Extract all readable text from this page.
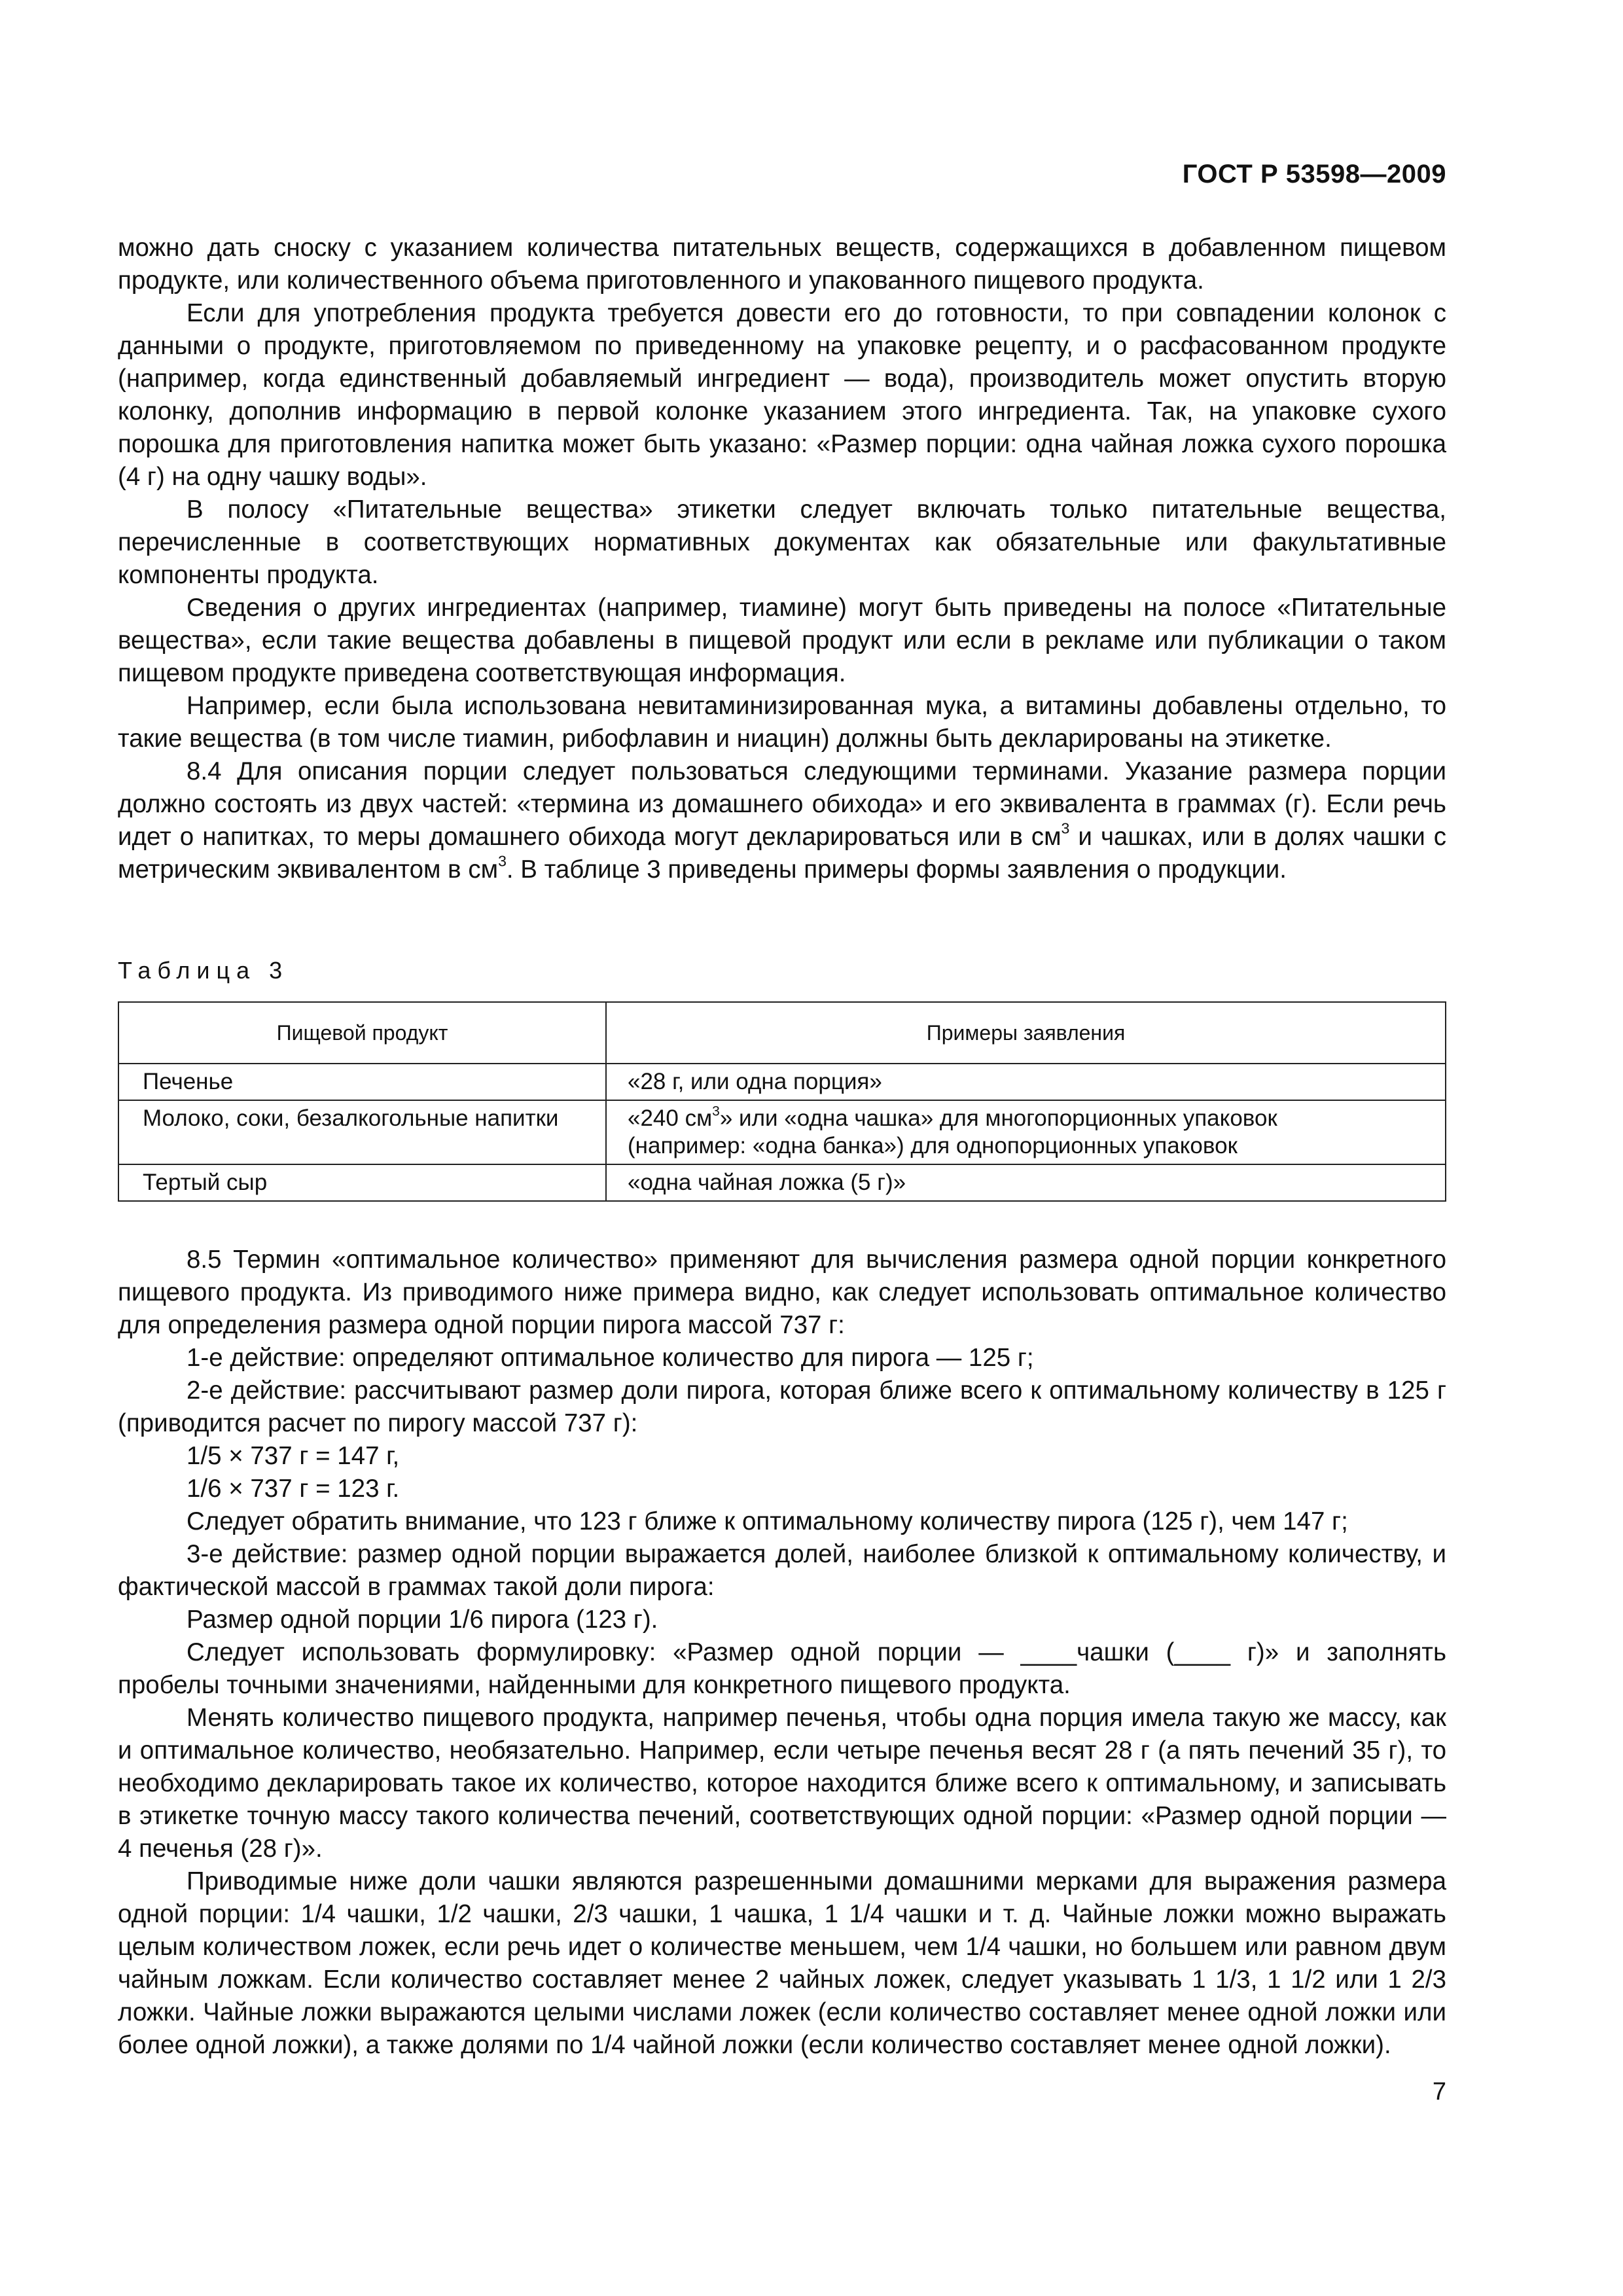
ГОСТ Р 53598—2009

можно дать сноску с указанием количества питательных веществ, содержащихся в добавленном пищевом продукте, или количественного объема приготовленного и упакованного пищевого продукта.

Если для употребления продукта требуется довести его до готовности, то при совпадении колонок с данными о продукте, приготовляемом по приведенному на упаковке рецепту, и о расфасованном продукте (например, когда единственный добавляемый ингредиент — вода), производитель может опустить вторую колонку, дополнив информацию в первой колонке указанием этого ингредиента. Так, на упаковке сухого порошка для приготовления напитка может быть указано: «Размер порции: одна чайная ложка сухого порошка (4 г) на одну чашку воды».

В полосу «Питательные вещества» этикетки следует включать только питательные вещества, перечисленные в соответствующих нормативных документах как обязательные или факультативные компоненты продукта.

Сведения о других ингредиентах (например, тиамине) могут быть приведены на полосе «Питательные вещества», если такие вещества добавлены в пищевой продукт или если в рекламе или публикации о таком пищевом продукте приведена соответствующая информация.

Например, если была использована невитаминизированная мука, а витамины добавлены отдельно, то такие вещества (в том числе тиамин, рибофлавин и ниацин) должны быть декларированы на этикетке.

8.4 Для описания порции следует пользоваться следующими терминами. Указание размера порции должно состоять из двух частей: «термина из домашнего обихода» и его эквивалента в граммах (г). Если речь идет о напитках, то меры домашнего обихода могут декларироваться или в $см^3$ и чашках, или в долях чашки с метрическим эквивалентом в $см^3$. В таблице 3 приведены примеры формы заявления о продукции.

Таблица 3
Пищевой продукт	Примеры заявления
Печенье	«28 г, или одна порция»
Молоко, соки, безалкогольные напитки	«240 $см^3$» или «одна чашка» для многопорционных упаковок
(например: «одна банка») для однопорционных упаковок
Тертый сыр	«одна чайная ложка (5 г)»

8.5 Термин «оптимальное количество» применяют для вычисления размера одной порции конкретного пищевого продукта. Из приводимого ниже примера видно, как следует использовать оптимальное количество для определения размера одной порции пирога массой 737 г:

1-е действие: определяют оптимальное количество для пирога — 125 г;

2-е действие: рассчитывают размер доли пирога, которая ближе всего к оптимальному количеству в 125 г (приводится расчет по пирогу массой 737 г):

1/5 × 737 г = 147 г,

1/6 × 737 г = 123 г.

Следует обратить внимание, что 123 г ближе к оптимальному количеству пирога (125 г), чем 147 г;

3-е действие: размер одной порции выражается долей, наиболее близкой к оптимальному количеству, и фактической массой в граммах такой доли пирога:

Размер одной порции 1/6 пирога (123 г).

Следует использовать формулировку: «Размер одной порции — ____чашки (____ г)» и заполнять пробелы точными значениями, найденными для конкретного пищевого продукта.

Менять количество пищевого продукта, например печенья, чтобы одна порция имела такую же массу, как и оптимальное количество, необязательно. Например, если четыре печенья весят 28 г (а пять печений 35 г), то необходимо декларировать такое их количество, которое находится ближе всего к оптимальному, и записывать в этикетке точную массу такого количества печений, соответствующих одной порции: «Размер одной порции — 4 печенья (28 г)».

Приводимые ниже доли чашки являются разрешенными домашними мерками для выражения размера одной порции: 1/4 чашки, 1/2 чашки, 2/3 чашки, 1 чашка, 1 1/4 чашки и т. д. Чайные ложки можно выражать целым количеством ложек, если речь идет о количестве меньшем, чем 1/4 чашки, но большем или равном двум чайным ложкам. Если количество составляет менее 2 чайных ложек, следует указывать 1 1/3, 1 1/2 или 1 2/3 ложки. Чайные ложки выражаются целыми числами ложек (если количество составляет менее одной ложки или более одной ложки), а также долями по 1/4 чайной ложки (если количество составляет менее одной ложки).

7
